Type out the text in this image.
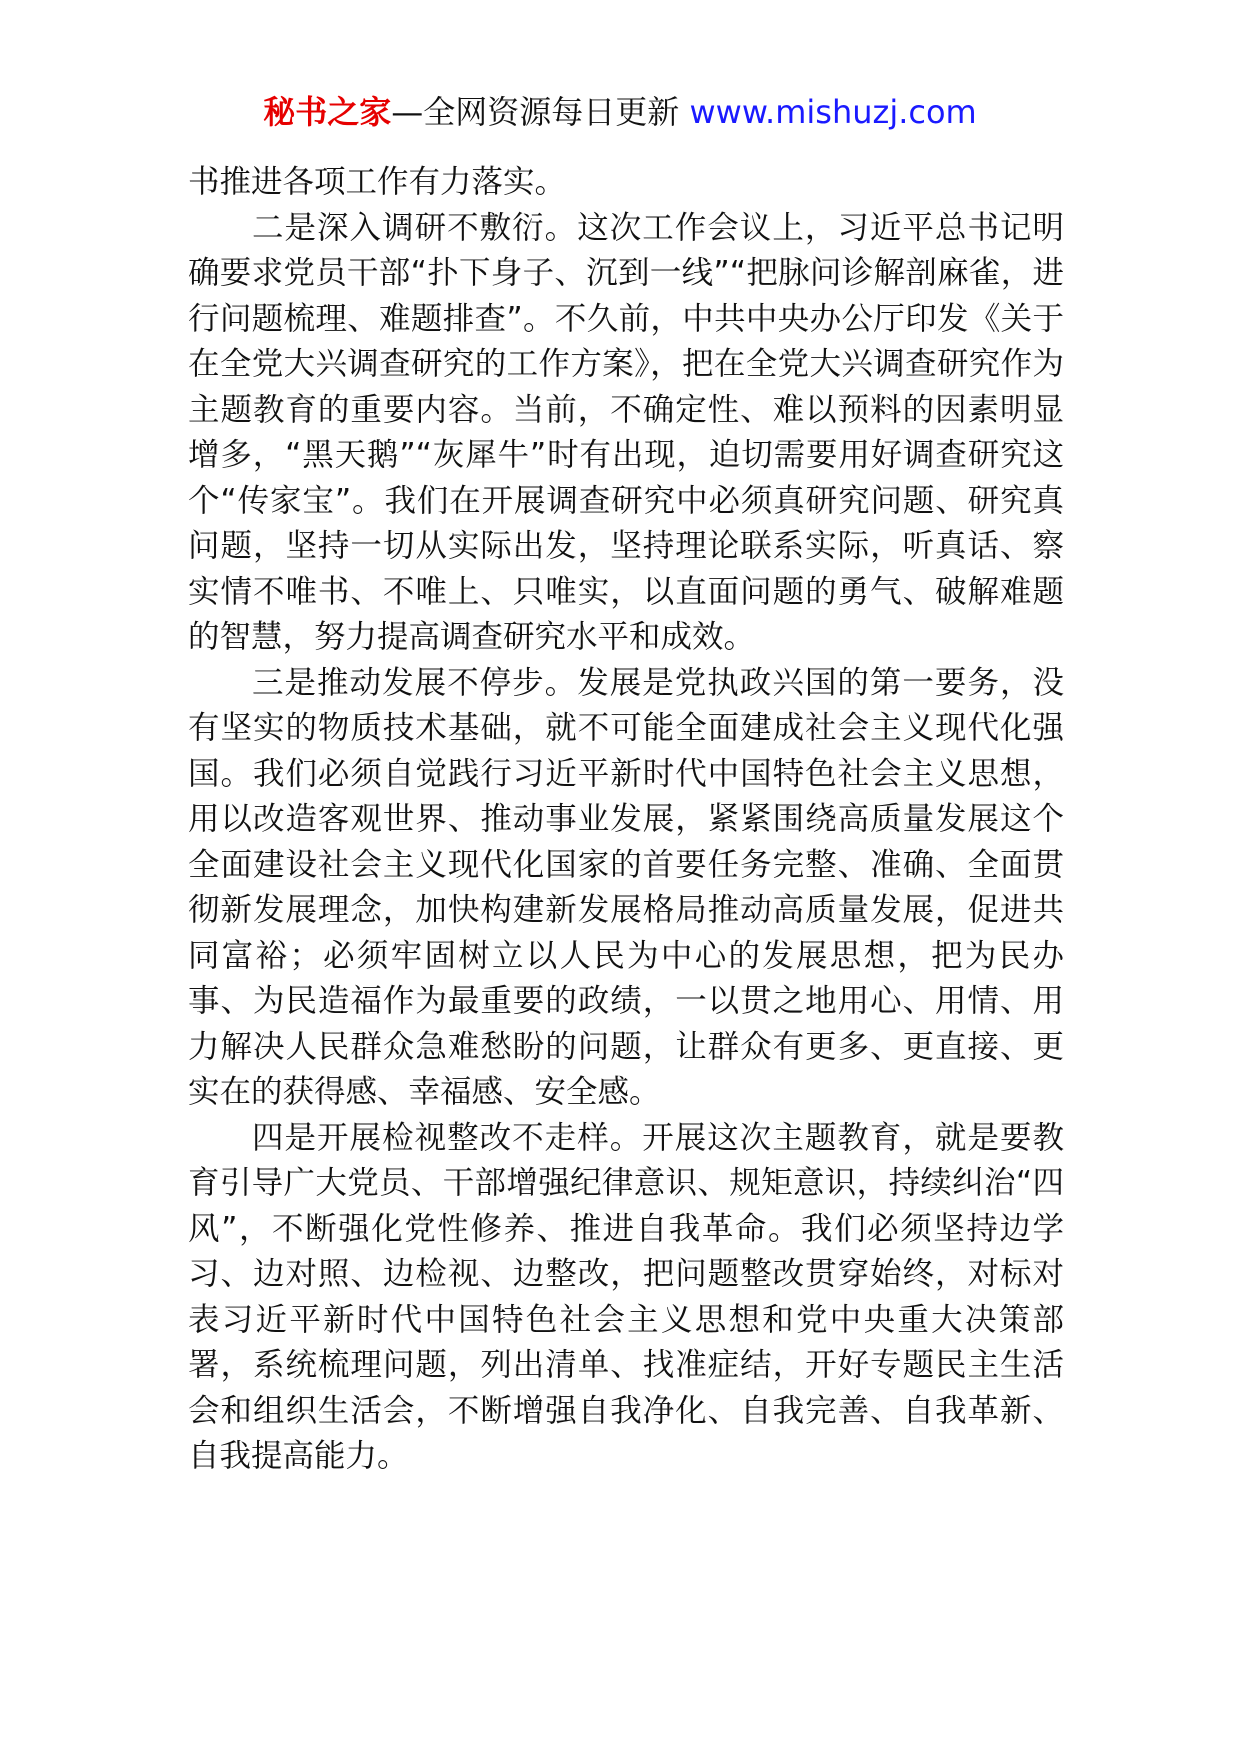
秘书之家—全网资源每日更新 www.mishuzj.com

书推进各项工作有力落实。

二是深入调研不敷衍。这次工作会议上，习近平总书记明确要求党员干部“扑下身子、沉到一线”“把脉问诊解剖麻雀，进行问题梳理、难题排查”。不久前，中共中央办公厅印发《关于在全党大兴调查研究的工作方案》，把在全党大兴调查研究作为主题教育的重要内容。当前，不确定性、难以预料的因素明显增多，“黑天鹅”“灰犀牛”时有出现，迫切需要用好调查研究这个“传家宝”。我们在开展调查研究中必须真研究问题、研究真问题，坚持一切从实际出发，坚持理论联系实际，听真话、察实情不唯书、不唯上、只唯实，以直面问题的勇气、破解难题的智慧，努力提高调查研究水平和成效。

三是推动发展不停步。发展是党执政兴国的第一要务，没有坚实的物质技术基础，就不可能全面建成社会主义现代化强国。我们必须自觉践行习近平新时代中国特色社会主义思想，用以改造客观世界、推动事业发展，紧紧围绕高质量发展这个全面建设社会主义现代化国家的首要任务完整、准确、全面贯彻新发展理念，加快构建新发展格局推动高质量发展，促进共同富裕；必须牢固树立以人民为中心的发展思想，把为民办事、为民造福作为最重要的政绩，一以贯之地用心、用情、用力解决人民群众急难愁盼的问题，让群众有更多、更直接、更实在的获得感、幸福感、安全感。

四是开展检视整改不走样。开展这次主题教育，就是要教育引导广大党员、干部增强纪律意识、规矩意识，持续纠治“四风”，不断强化党性修养、推进自我革命。我们必须坚持边学习、边对照、边检视、边整改，把问题整改贯穿始终，对标对表习近平新时代中国特色社会主义思想和党中央重大决策部署，系统梳理问题，列出清单、找准症结，开好专题民主生活会和组织生活会，不断增强自我净化、自我完善、自我革新、自我提高能力。
